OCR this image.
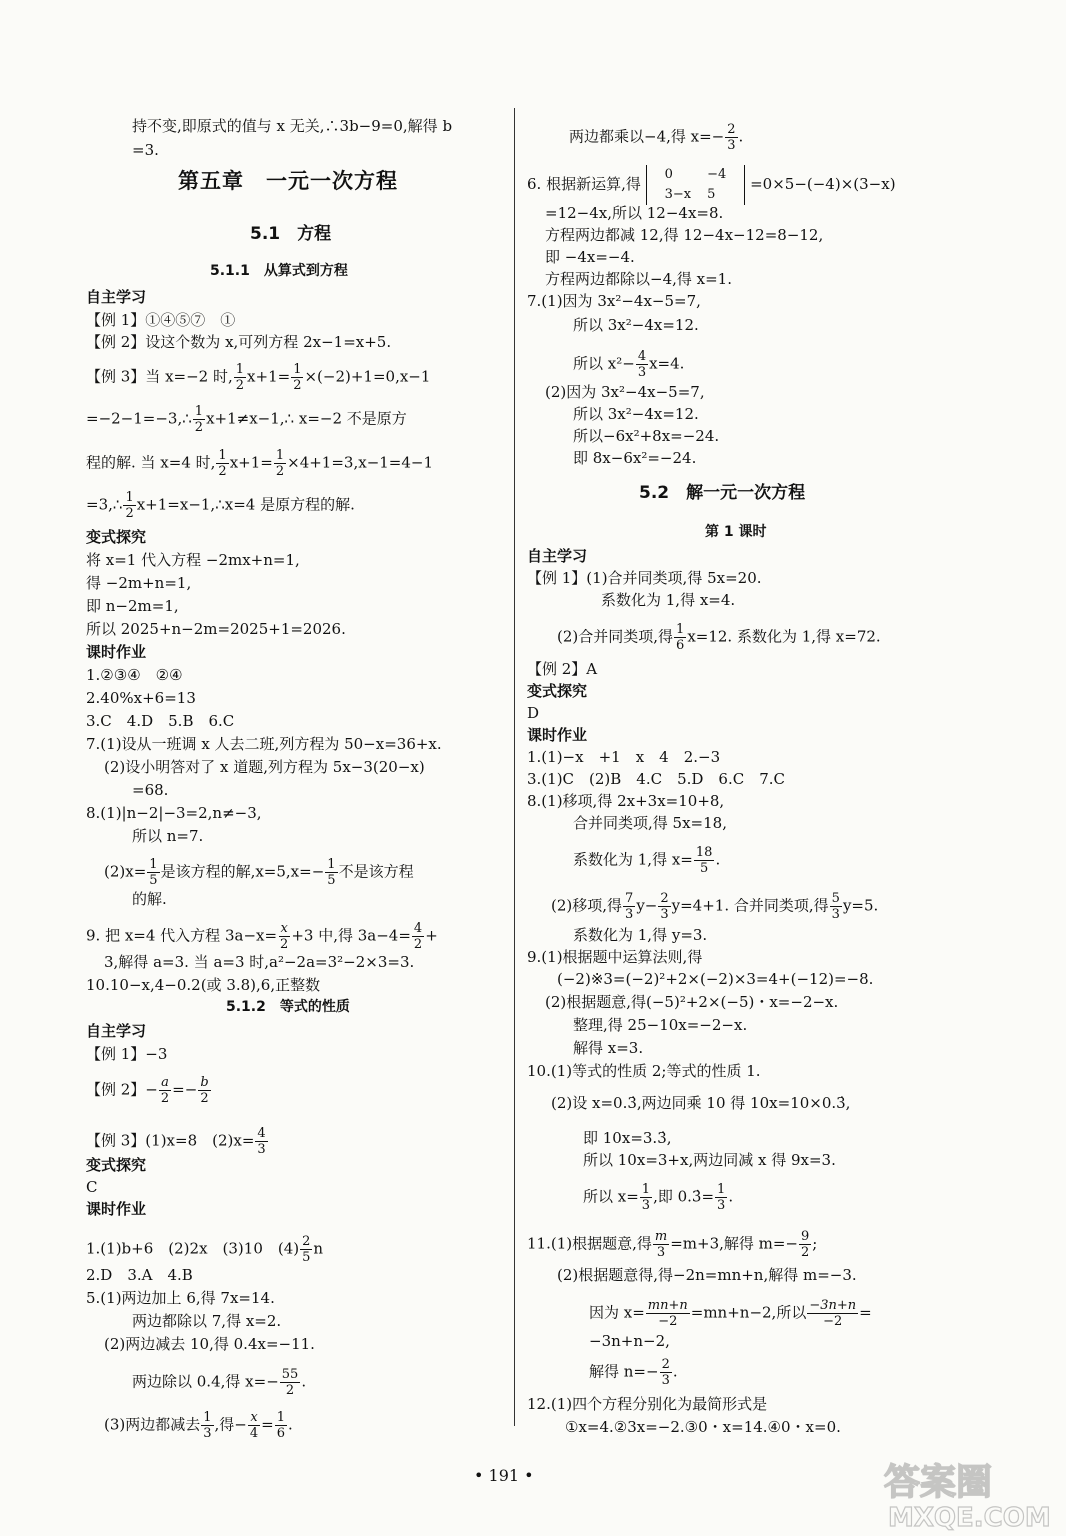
持不变,即原式的值与 x 无关,∴3b−9=0,解得 b
=3.
第五章　一元一次方程
5.1　方程
5.1.1　从算式到方程
自主学习
【例 1】①④⑤⑦　①
【例 2】设这个数为 x,可列方程 2x−1=x+5.
【例 3】当 x=−2 时, $\frac{1}{2} x+1= \frac{1}{2} \times(-2)+1=0,x-1$
=−2−1=−3,∴ $\frac{1}{2}$ x+1≠x−1,∴ x=−2 不是原方
程的解. 当 x=4 时, $\frac{1}{2} x+1= \frac{1}{2} \times 4+1=3,x-1=4-1$
=3,∴ $\frac{1}{2}$ x+1=x−1,∴x=4 是原方程的解.
变式探究
将 x=1 代入方程 −2mx+n=1,
得 −2m+n=1,
即 n−2m=1,
所以 2025+n−2m=2025+1=2026.
课时作业
1.②③④　②④
2.40%x+6=13
3.C　4.D　5.B　6.C
7.(1)设从一班调 x 人去二班,列方程为 50−x=36+x.
(2)设小明答对了 x 道题,列方程为 5x−3(20−x)
=68.
8.(1)|n−2|−3=2,n≠−3,
所以 n=7.
$(2)x= \frac{1}{5}$ 是该方程的解$,x=5,x=- \frac{1}{5}$ 不是该方程
的解.
9. 把 x=4 代入方程 $3a-x= \frac{x}{2} +3$ 中,得 $3a-4= \frac{4}{2}$ +
3,解得 a=3. 当 a=3 时,a²−2a=3²−2×3=3.
10.10−x,4−0.2(或 3.8),6,正整数
5.1.2　等式的性质
自主学习
【例 1】−3
【例 2】− $\frac{a}{2} =- \frac{b}{2}$
【例 3】(1)x=8　$(2)x= \frac{4}{3}$
变式探究
C
课时作业
1.(1)b+6　(2)2x　(3)10　$(4) \frac{2}{5}$ n
2.D　3.A　4.B
5.(1)两边加上 6,得 7x=14.
两边都除以 7,得 x=2.
(2)两边减去 10,得 0.4x=−11.
两边除以 0.4,得 $x=- \frac{55}{2}$ .
(3)两边都减去 $\frac{1}{3}$ ,得− $\frac{x}{4} = \frac{1}{6}$ .
两边都乘以−4,得 $x=- \frac{2}{3}$ .
6. 根据新运算,得
0	−4
3−x	5
=0×5−(−4)×(3−x)
=12−4x,所以 12−4x=8.
方程两边都减 12,得 12−4x−12=8−12,
即 −4x=−4.
方程两边都除以−4,得 x=1.
7.(1)因为 3x²−4x−5=7,
所以 3x²−4x=12.
所以 $x^2- \frac{4}{3} x=4$.
(2)因为 3x²−4x−5=7,
所以 3x²−4x=12.
所以−6x²+8x=−24.
即 8x−6x²=−24.
5.2　解一元一次方程
第 1 课时
自主学习
【例 1】(1)合并同类项,得 5x=20.
系数化为 1,得 x=4.
(2)合并同类项,得 $\frac{1}{6} x=12$. 系数化为 1,得 x=72.
【例 2】A
变式探究
D
课时作业
1.(1)−x　+1　x　4　2.−3
3.(1)C　(2)B　4.C　5.D　6.C　7.C
8.(1)移项,得 2x+3x=10+8,
合并同类项,得 5x=18,
系数化为 1,得 $x= \frac{18}{5}$ .
(2)移项,得 $\frac{7}{3} y- \frac{2}{3} y=4+1$. 合并同类项,得 $\frac{5}{3} y=5$.
系数化为 1,得 y=3.
9.(1)根据题中运算法则,得
(−2)※3=(−2)²+2×(−2)×3=4+(−12)=−8.
(2)根据题意,得(−5)²+2×(−5)・x=−2−x.
整理,得 25−10x=−2−x.
解得 x=3.
10.(1)等式的性质 2;等式的性质 1.
(2)设 x=0.3̇,两边同乘 10 得 10x=10×0.3̇,
即 10x=3.3̇,
所以 10x=3+x,两边同减 x 得 9x=3.
所以 $x= \frac{1}{3}$ ,即 0.3̇= $\frac{1}{3}$ .
11.(1)根据题意,得 $\frac{m}{3} =m+3$,解得 $m=- \frac{9}{2}$ ;
(2)根据题意得,得−2n=mn+n,解得 m=−3.
因为 $x= \frac{mn+n}{-2} =mn+n-2$,所以 $\frac{-3n+n}{-2}$ =
−3n+n−2,
解得 $n=- \frac{2}{3}$ .
12.(1)四个方程分别化为最简形式是
①x=4.②3x=−2.③0・x=14.④0・x=0.
• 191 •	答案圈
MXQE.COM
